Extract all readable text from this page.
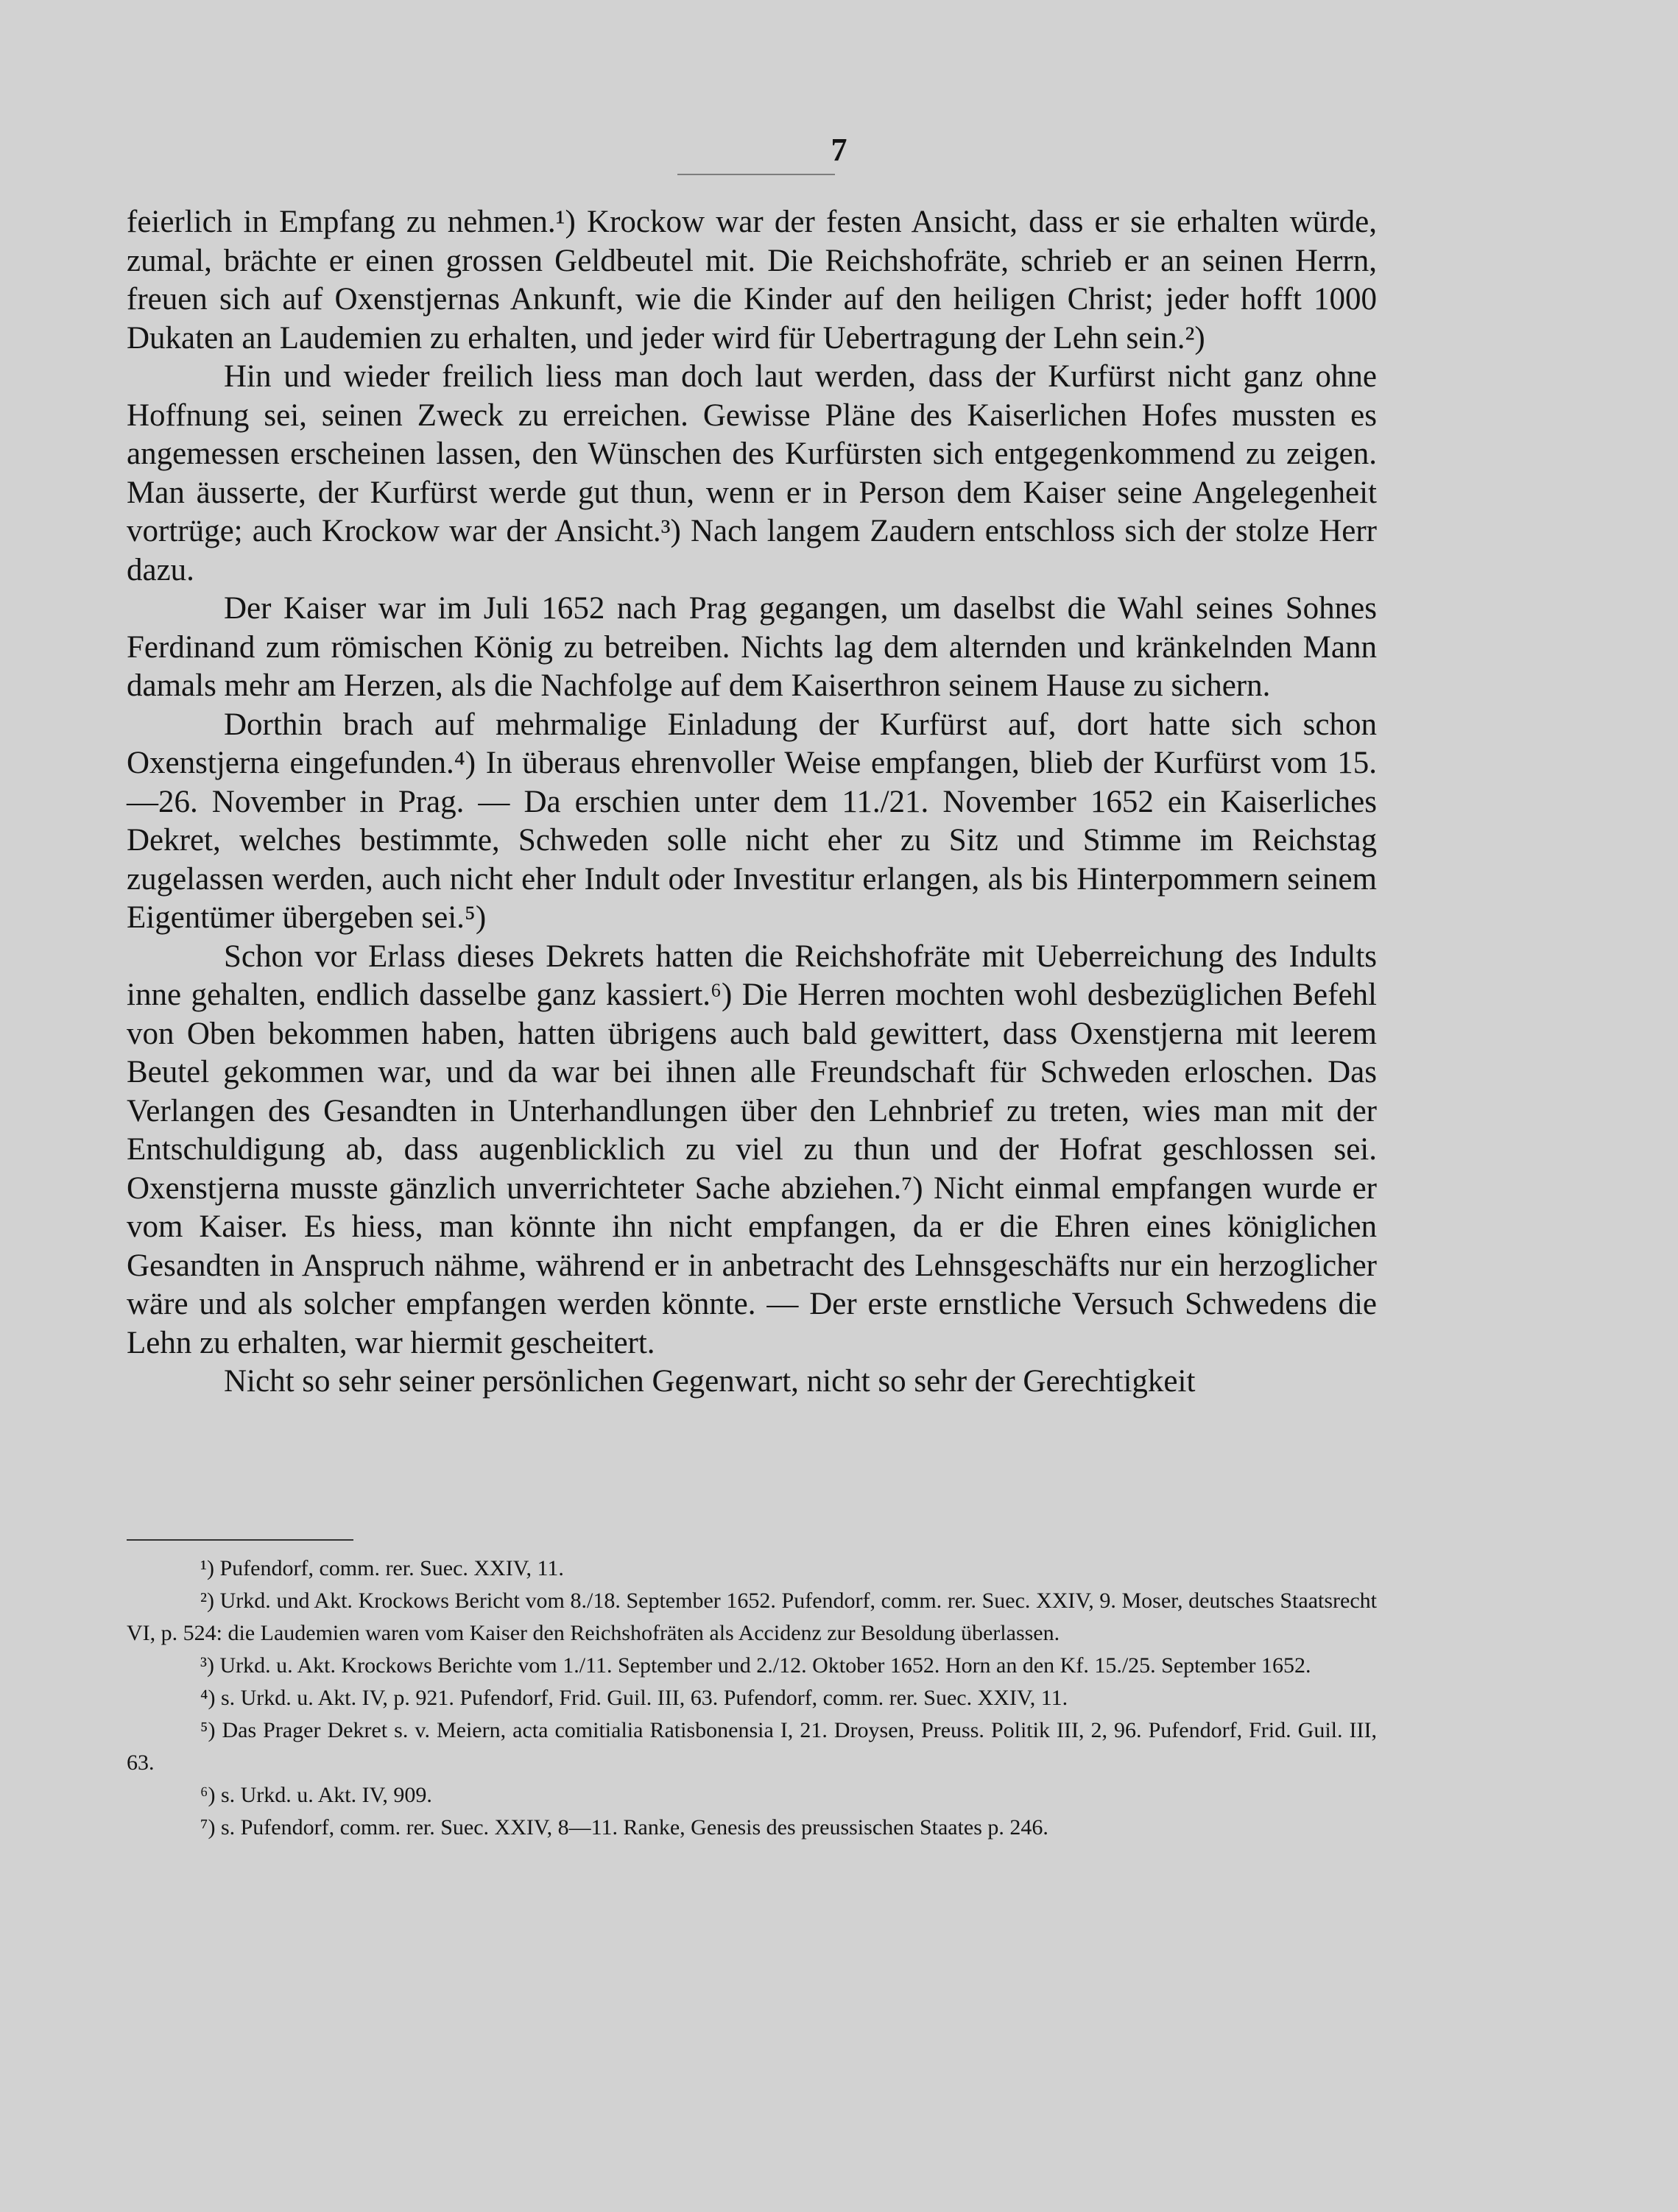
7

feierlich in Empfang zu nehmen.¹) Krockow war der festen Ansicht, dass er sie erhalten würde, zumal, brächte er einen grossen Geldbeutel mit. Die Reichshofräte, schrieb er an seinen Herrn, freuen sich auf Oxenstjernas Ankunft, wie die Kinder auf den heiligen Christ; jeder hofft 1000 Dukaten an Laudemien zu erhalten, und jeder wird für Uebertragung der Lehn sein.²)

Hin und wieder freilich liess man doch laut werden, dass der Kurfürst nicht ganz ohne Hoffnung sei, seinen Zweck zu erreichen. Gewisse Pläne des Kaiserlichen Hofes mussten es angemessen erscheinen lassen, den Wünschen des Kurfürsten sich entgegenkommend zu zeigen. Man äusserte, der Kurfürst werde gut thun, wenn er in Person dem Kaiser seine Angelegenheit vortrüge; auch Krockow war der Ansicht.³) Nach langem Zaudern entschloss sich der stolze Herr dazu.

Der Kaiser war im Juli 1652 nach Prag gegangen, um daselbst die Wahl seines Sohnes Ferdinand zum römischen König zu betreiben. Nichts lag dem alternden und kränkelnden Mann damals mehr am Herzen, als die Nachfolge auf dem Kaiserthron seinem Hause zu sichern.

Dorthin brach auf mehrmalige Einladung der Kurfürst auf, dort hatte sich schon Oxenstjerna eingefunden.⁴) In überaus ehrenvoller Weise empfangen, blieb der Kurfürst vom 15.—26. November in Prag. — Da erschien unter dem 11./21. November 1652 ein Kaiserliches Dekret, welches bestimmte, Schweden solle nicht eher zu Sitz und Stimme im Reichstag zugelassen werden, auch nicht eher Indult oder Investitur erlangen, als bis Hinterpommern seinem Eigentümer übergeben sei.⁵)

Schon vor Erlass dieses Dekrets hatten die Reichshofräte mit Ueberreichung des Indults inne gehalten, endlich dasselbe ganz kassiert.⁶) Die Herren mochten wohl desbezüglichen Befehl von Oben bekommen haben, hatten übrigens auch bald gewittert, dass Oxenstjerna mit leerem Beutel gekommen war, und da war bei ihnen alle Freundschaft für Schweden erloschen. Das Verlangen des Gesandten in Unterhandlungen über den Lehnbrief zu treten, wies man mit der Entschuldigung ab, dass augenblicklich zu viel zu thun und der Hofrat geschlossen sei. Oxenstjerna musste gänzlich unverrichteter Sache abziehen.⁷) Nicht einmal empfangen wurde er vom Kaiser. Es hiess, man könnte ihn nicht empfangen, da er die Ehren eines königlichen Gesandten in Anspruch nähme, während er in anbetracht des Lehnsgeschäfts nur ein herzoglicher wäre und als solcher empfangen werden könnte. — Der erste ernstliche Versuch Schwedens die Lehn zu erhalten, war hiermit gescheitert.

Nicht so sehr seiner persönlichen Gegenwart, nicht so sehr der Gerechtigkeit

¹) Pufendorf, comm. rer. Suec. XXIV, 11.

²) Urkd. und Akt. Krockows Bericht vom 8./18. September 1652. Pufendorf, comm. rer. Suec. XXIV, 9. Moser, deutsches Staatsrecht VI, p. 524: die Laudemien waren vom Kaiser den Reichshofräten als Accidenz zur Besoldung überlassen.

³) Urkd. u. Akt. Krockows Berichte vom 1./11. September und 2./12. Oktober 1652. Horn an den Kf. 15./25. September 1652.

⁴) s. Urkd. u. Akt. IV, p. 921. Pufendorf, Frid. Guil. III, 63. Pufendorf, comm. rer. Suec. XXIV, 11.

⁵) Das Prager Dekret s. v. Meiern, acta comitialia Ratisbonensia I, 21. Droysen, Preuss. Politik III, 2, 96. Pufendorf, Frid. Guil. III, 63.

⁶) s. Urkd. u. Akt. IV, 909.

⁷) s. Pufendorf, comm. rer. Suec. XXIV, 8—11. Ranke, Genesis des preussischen Staates p. 246.
